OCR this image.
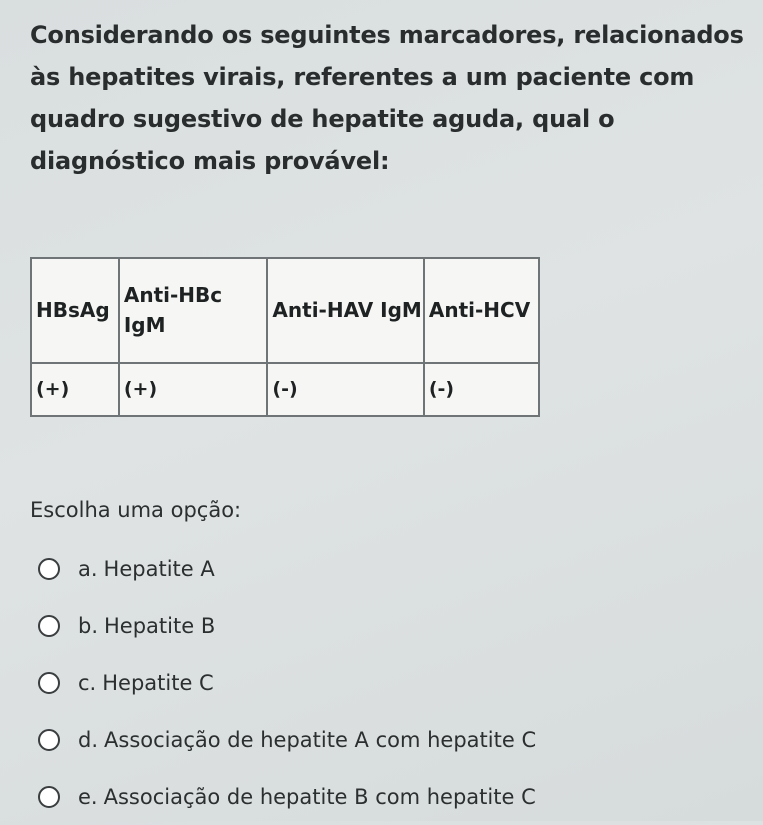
Considerando os seguintes marcadores, relacionados às hepatites virais, referentes a um paciente com quadro sugestivo de hepatite aguda, qual o diagnóstico mais provável:

HBsAg	Anti-HBc IgM	Anti-HAV IgM	Anti-HCV
(+)	(+)	(-)	(-)

Escolha uma opção:

a. Hepatite A
b. Hepatite B
c. Hepatite C
d. Associação de hepatite A com hepatite C
e. Associação de hepatite B com hepatite C
